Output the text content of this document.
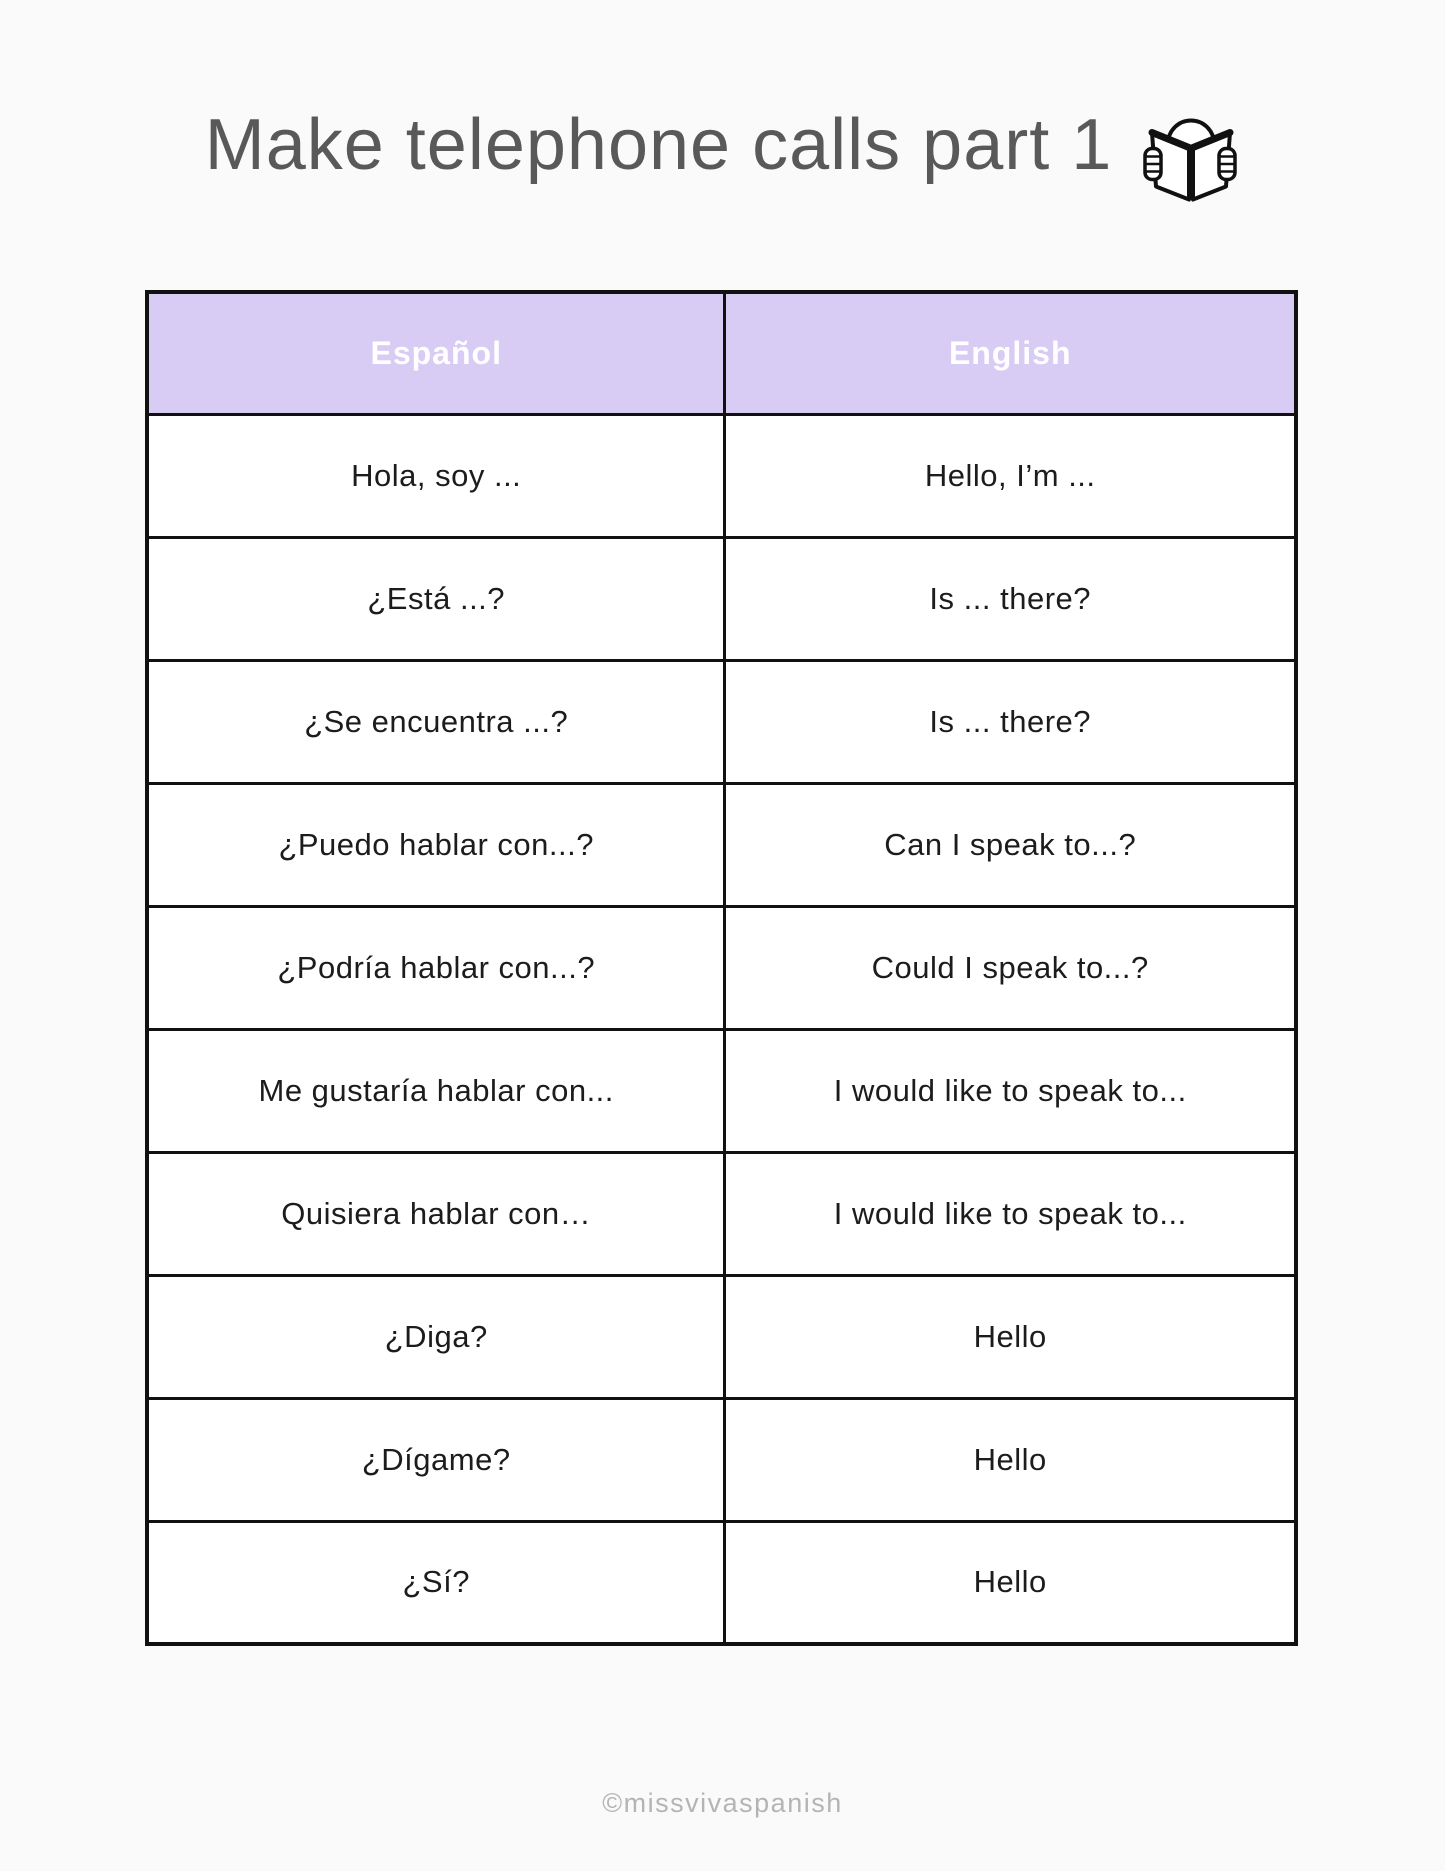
Make telephone calls part 1
Español	English
Hola, soy ...	Hello, I’m ...
¿Está ...?	Is ... there?
¿Se encuentra ...?	Is ... there?
¿Puedo hablar con...?	Can I speak to...?
¿Podría hablar con...?	Could I speak to...?
Me gustaría hablar con...	I would like to speak to...
Quisiera hablar con…	I would like to speak to...
¿Diga?	Hello
¿Dígame?	Hello
¿Sí?	Hello
©missvivaspanish
